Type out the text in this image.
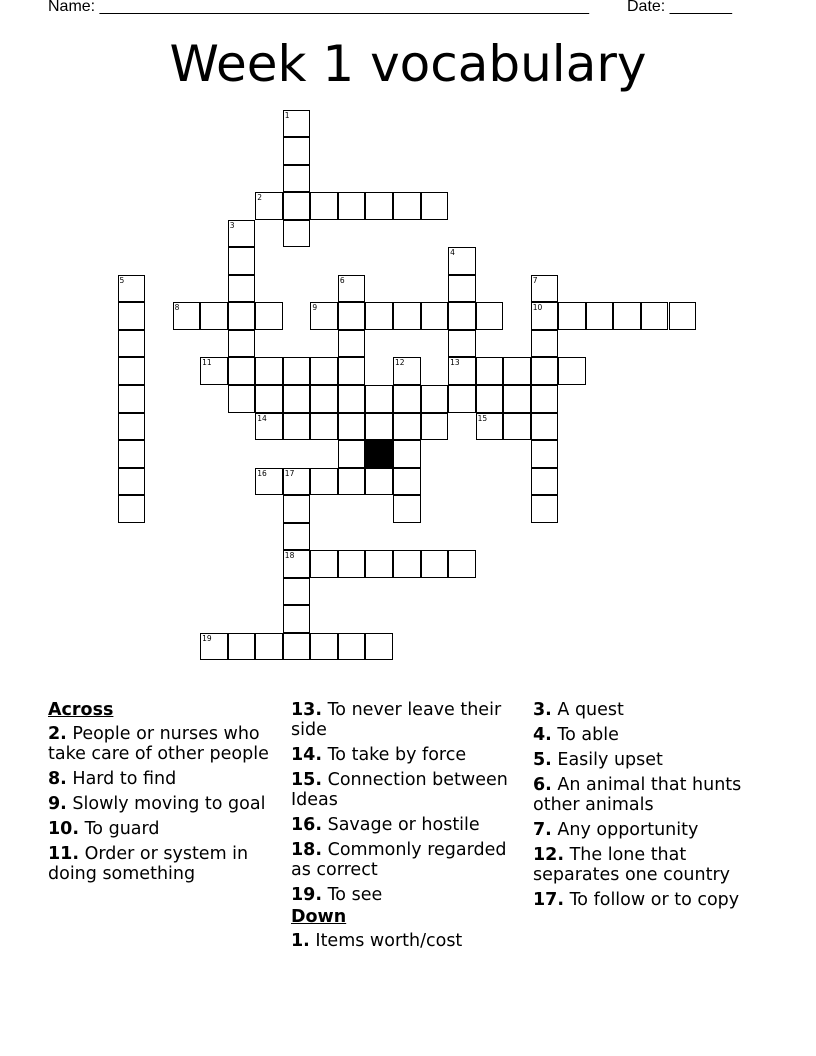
Name: _______________________________________________________ Date: _______
Week 1 vocabulary
1
2
3
4
5	6	7
8	9	10
11	12	13
14	15
16 17
18
19
Across
2. People or nurses who take care of other people
8. Hard to find
9. Slowly moving to goal
10. To guard
11. Order or system in doing something
13. To never leave their side
14. To take by force
15. Connection between Ideas
16. Savage or hostile
18. Commonly regarded as correct
19. To see
Down
1. Items worth/cost
3. A quest
4. To able
5. Easily upset
6. An animal that hunts other animals
7. Any opportunity
12. The lone that separates one country
17. To follow or to copy
